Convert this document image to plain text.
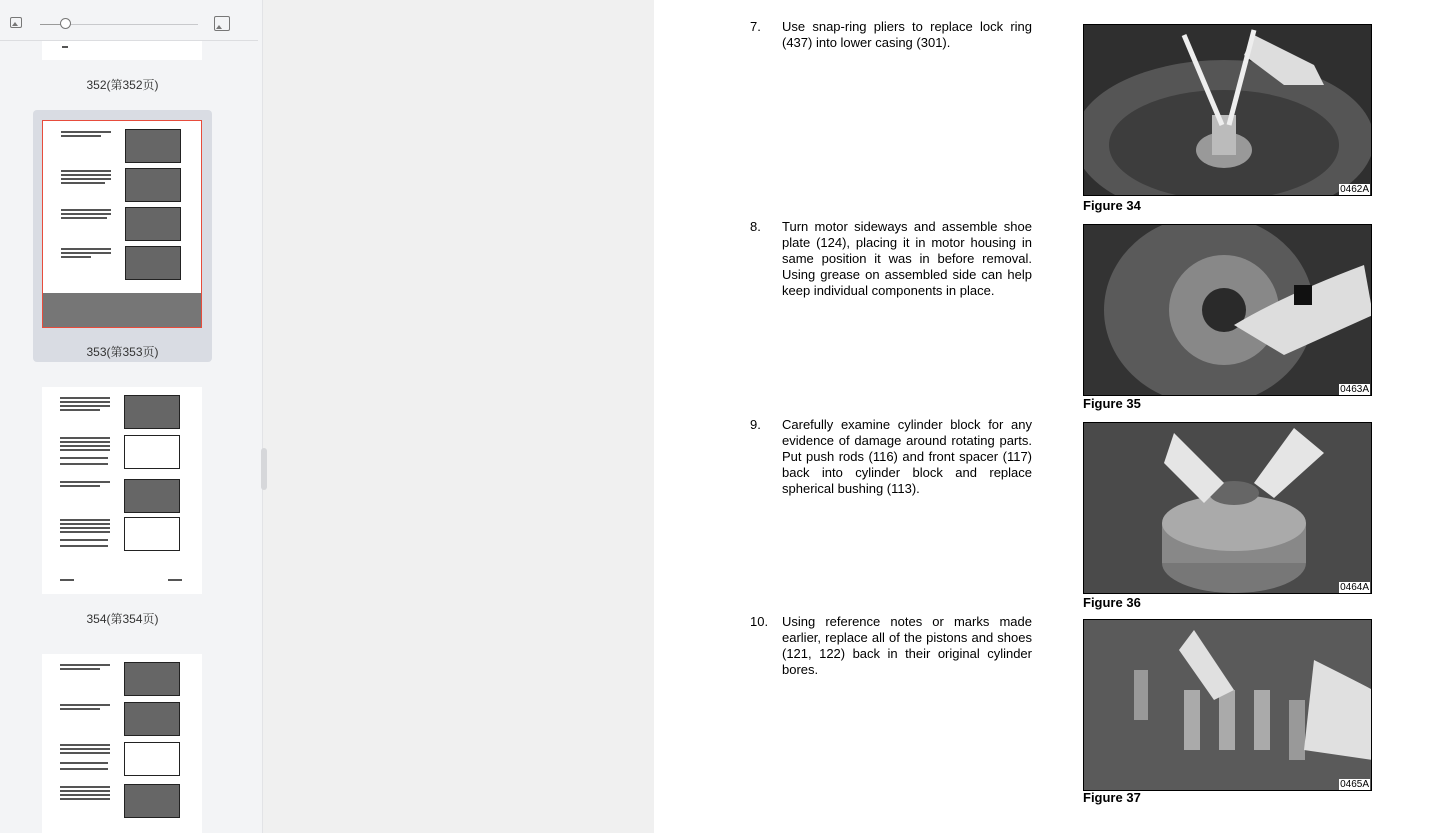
352(第352页)
353(第353页)
354(第354页)
7. Use snap-ring pliers to replace lock ring (437) into lower casing (301).
0462A
Figure 34
8. Turn motor sideways and assemble shoe plate (124), placing it in motor housing in same position it was in before removal. Using grease on assembled side can help keep individual components in place.
0463A
Figure 35
9. Carefully examine cylinder block for any evidence of damage around rotating parts. Put push rods (116) and front spacer (117) back into cylinder block and replace spherical bushing (113).
0464A
Figure 36
10. Using reference notes or marks made earlier, replace all of the pistons and shoes (121, 122) back in their original cylinder bores.
0465A
Figure 37
